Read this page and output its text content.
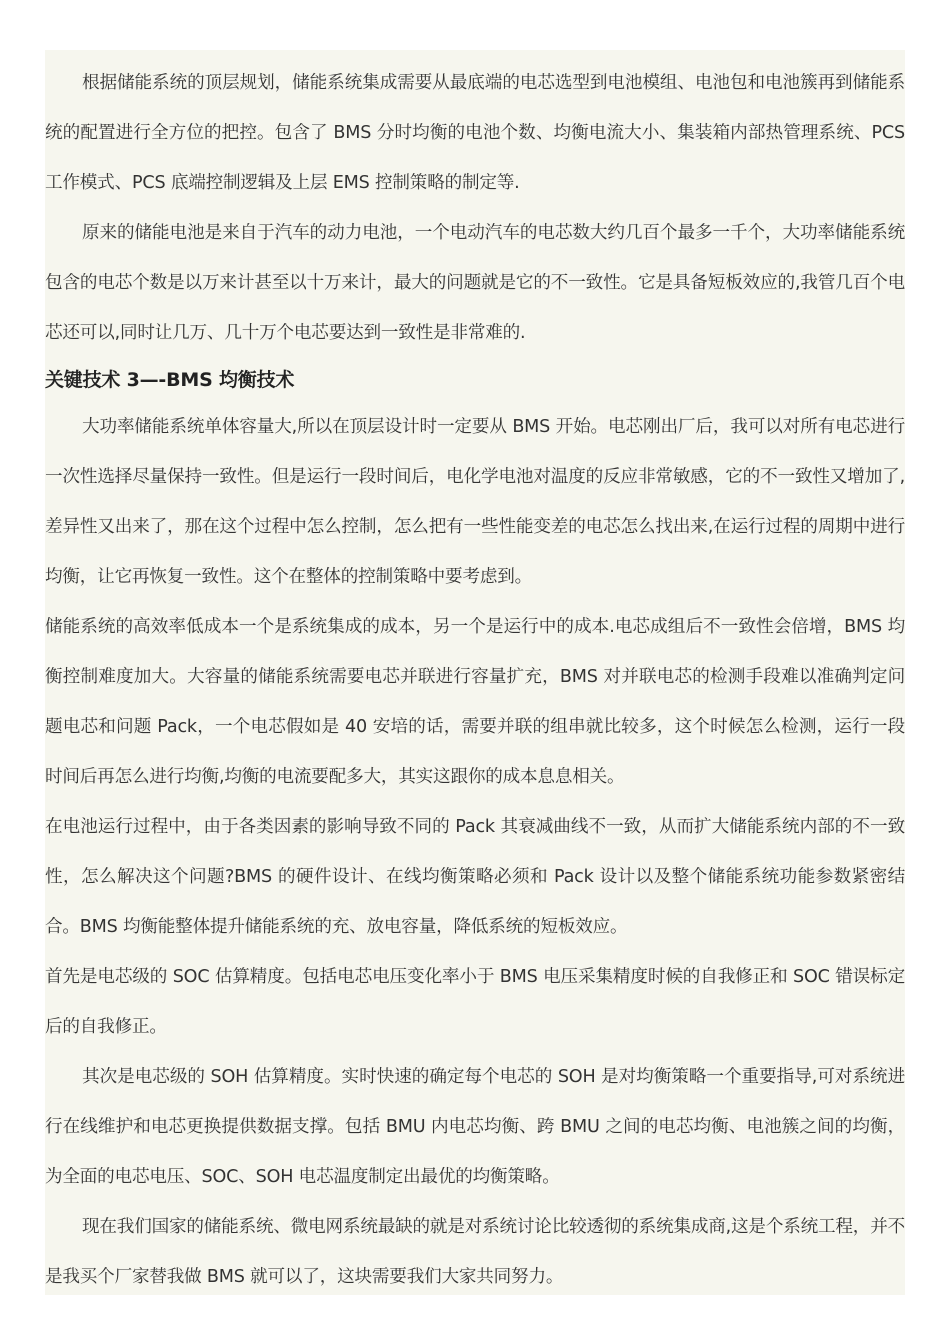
根据储能系统的顶层规划，储能系统集成需要从最底端的电芯选型到电池模组、电池包和电池簇再到储能系统的配置进行全方位的把控。包含了 BMS 分时均衡的电池个数、均衡电流大小、集装箱内部热管理系统、PCS 工作模式、PCS 底端控制逻辑及上层 EMS 控制策略的制定等.

原来的储能电池是来自于汽车的动力电池，一个电动汽车的电芯数大约几百个最多一千个，大功率储能系统包含的电芯个数是以万来计甚至以十万来计，最大的问题就是它的不一致性。它是具备短板效应的,我管几百个电芯还可以,同时让几万、几十万个电芯要达到一致性是非常难的.

关键技术 3—-BMS 均衡技术

大功率储能系统单体容量大,所以在顶层设计时一定要从 BMS 开始。电芯刚出厂后，我可以对所有电芯进行一次性选择尽量保持一致性。但是运行一段时间后，电化学电池对温度的反应非常敏感，它的不一致性又增加了,差异性又出来了，那在这个过程中怎么控制，怎么把有一些性能变差的电芯怎么找出来,在运行过程的周期中进行均衡，让它再恢复一致性。这个在整体的控制策略中要考虑到。

储能系统的高效率低成本一个是系统集成的成本，另一个是运行中的成本.电芯成组后不一致性会倍增，BMS 均衡控制难度加大。大容量的储能系统需要电芯并联进行容量扩充，BMS 对并联电芯的检测手段难以准确判定问题电芯和问题 Pack，一个电芯假如是 40 安培的话，需要并联的组串就比较多，这个时候怎么检测，运行一段时间后再怎么进行均衡,均衡的电流要配多大，其实这跟你的成本息息相关。

在电池运行过程中，由于各类因素的影响导致不同的 Pack 其衰减曲线不一致，从而扩大储能系统内部的不一致性，怎么解决这个问题?BMS 的硬件设计、在线均衡策略必须和 Pack 设计以及整个储能系统功能参数紧密结合。BMS 均衡能整体提升储能系统的充、放电容量，降低系统的短板效应。

首先是电芯级的 SOC 估算精度。包括电芯电压变化率小于 BMS 电压采集精度时候的自我修正和 SOC 错误标定后的自我修正。

其次是电芯级的 SOH 估算精度。实时快速的确定每个电芯的 SOH 是对均衡策略一个重要指导,可对系统进行在线维护和电芯更换提供数据支撑。包括 BMU 内电芯均衡、跨 BMU 之间的电芯均衡、电池簇之间的均衡，为全面的电芯电压、SOC、SOH 电芯温度制定出最优的均衡策略。

现在我们国家的储能系统、微电网系统最缺的就是对系统讨论比较透彻的系统集成商,这是个系统工程，并不是我买个厂家替我做 BMS 就可以了，这块需要我们大家共同努力。
